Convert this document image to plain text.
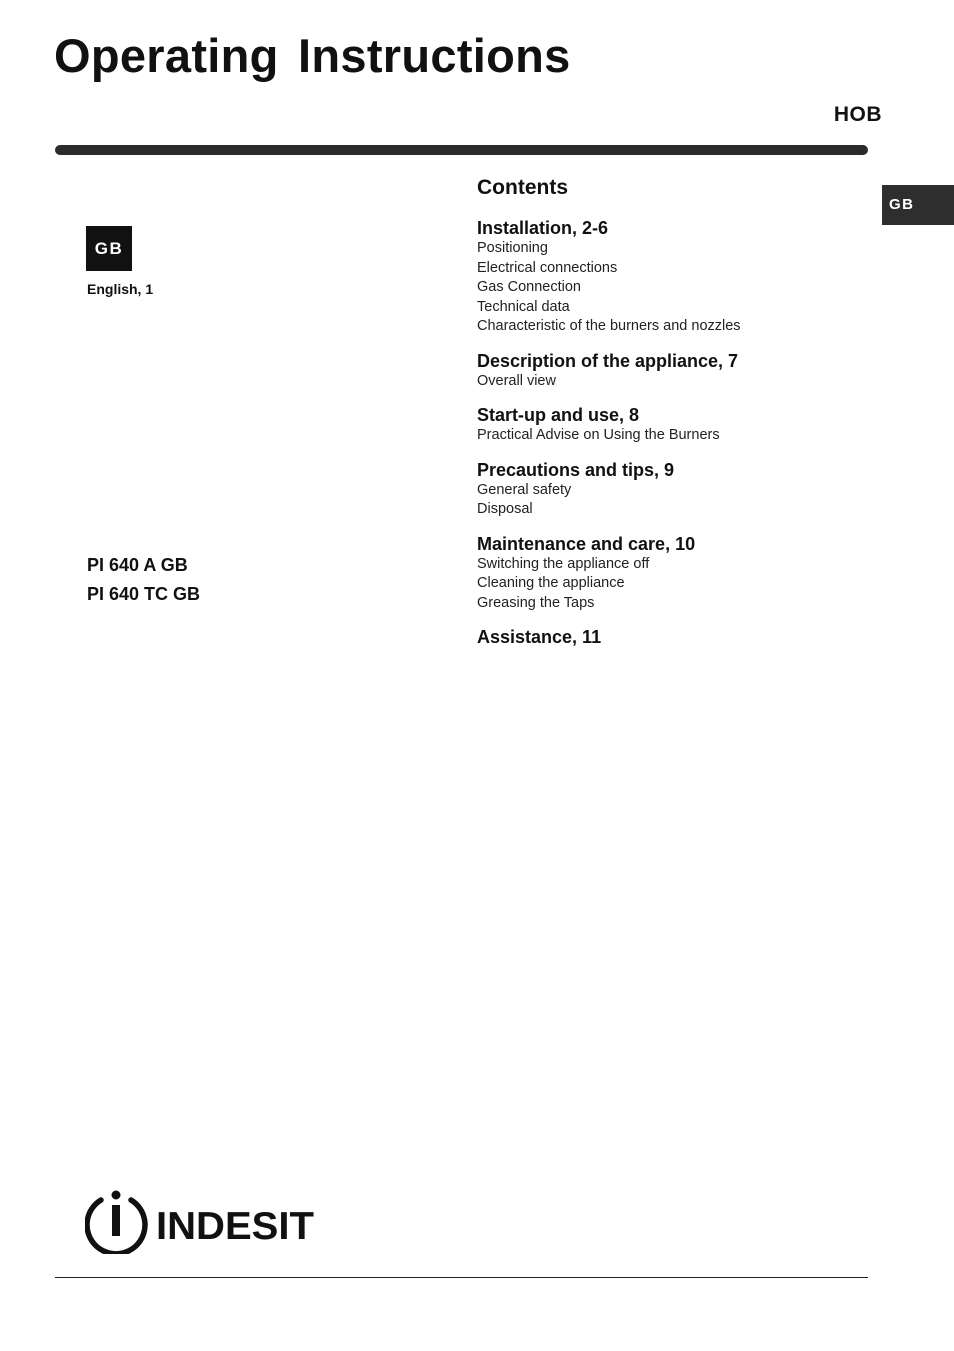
Operating Instructions
HOB
GB
GB
English, 1
PI 640 A GB
PI 640 TC GB
Contents
Installation, 2-6
Positioning
Electrical connections
Gas Connection
Technical data
Characteristic of the burners and nozzles
Description of the appliance, 7
Overall view
Start-up and use, 8
Practical Advise on Using the Burners
Precautions and tips, 9
General safety
Disposal
Maintenance and care, 10
Switching the appliance off
Cleaning the appliance
Greasing the Taps
Assistance, 11
INDESIT
